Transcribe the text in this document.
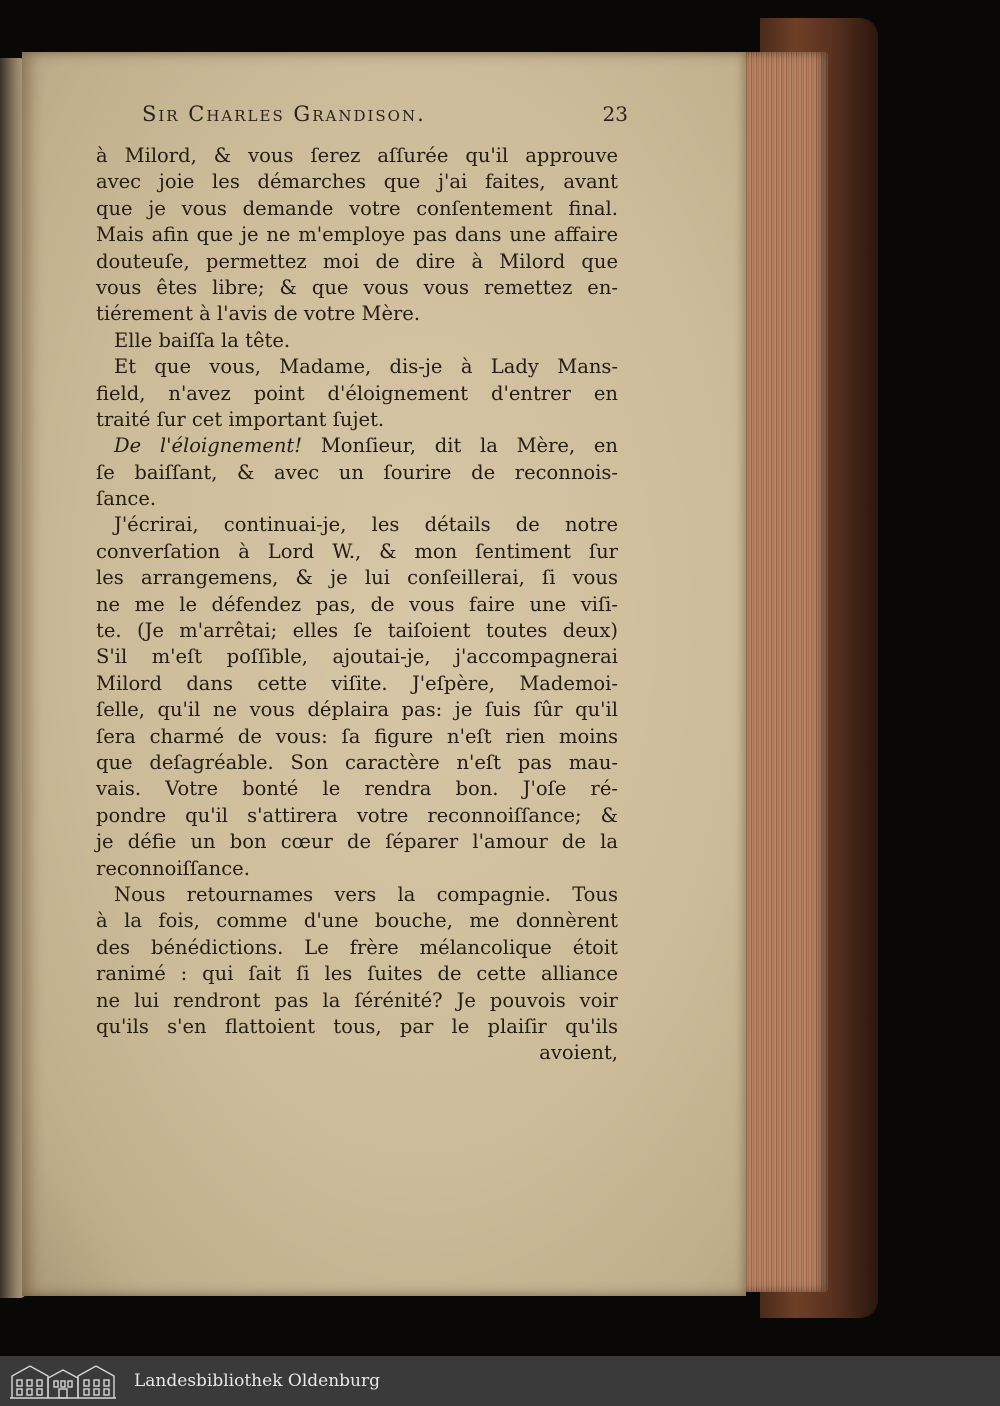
Sir Charles Grandison.	23
à Milord, & vous ſerez aſſurée qu'il approuve
avec joie les démarches que j'ai faites, avant
que je vous demande votre conſentement final.
Mais afin que je ne m'employe pas dans une affaire
douteuſe, permettez moi de dire à Milord que
vous êtes libre; & que vous vous remettez en-
tiérement à l'avis de votre Mère.
Elle baiſſa la tête.
Et que vous, Madame, dis-je à Lady Mans-
field, n'avez point d'éloignement d'entrer en
traité ſur cet important ſujet.
De l'éloignement! Monſieur, dit la Mère, en
ſe baiſſant, & avec un ſourire de reconnois-
ſance.
J'écrirai, continuai-je, les détails de notre
converſation à Lord W., & mon ſentiment ſur
les arrangemens, & je lui conſeillerai, ſi vous
ne me le défendez pas, de vous faire une viſi-
te. (Je m'arrêtai; elles ſe taiſoient toutes deux)
S'il m'eſt poſſible, ajoutai-je, j'accompagnerai
Milord dans cette viſite. J'eſpère, Mademoi-
ſelle, qu'il ne vous déplaira pas: je ſuis ſûr qu'il
ſera charmé de vous: ſa figure n'eſt rien moins
que deſagréable. Son caractère n'eſt pas mau-
vais. Votre bonté le rendra bon. J'oſe ré-
pondre qu'il s'attirera votre reconnoiſſance; &
je défie un bon cœur de ſéparer l'amour de la
reconnoiſſance.
Nous retournames vers la compagnie. Tous
à la fois, comme d'une bouche, me donnèrent
des bénédictions. Le frère mélancolique étoit
ranimé : qui ſait ſi les ſuites de cette alliance
ne lui rendront pas la ſérénité? Je pouvois voir
qu'ils s'en flattoient tous, par le plaiſir qu'ils
avoient,
Landesbibliothek Oldenburg
